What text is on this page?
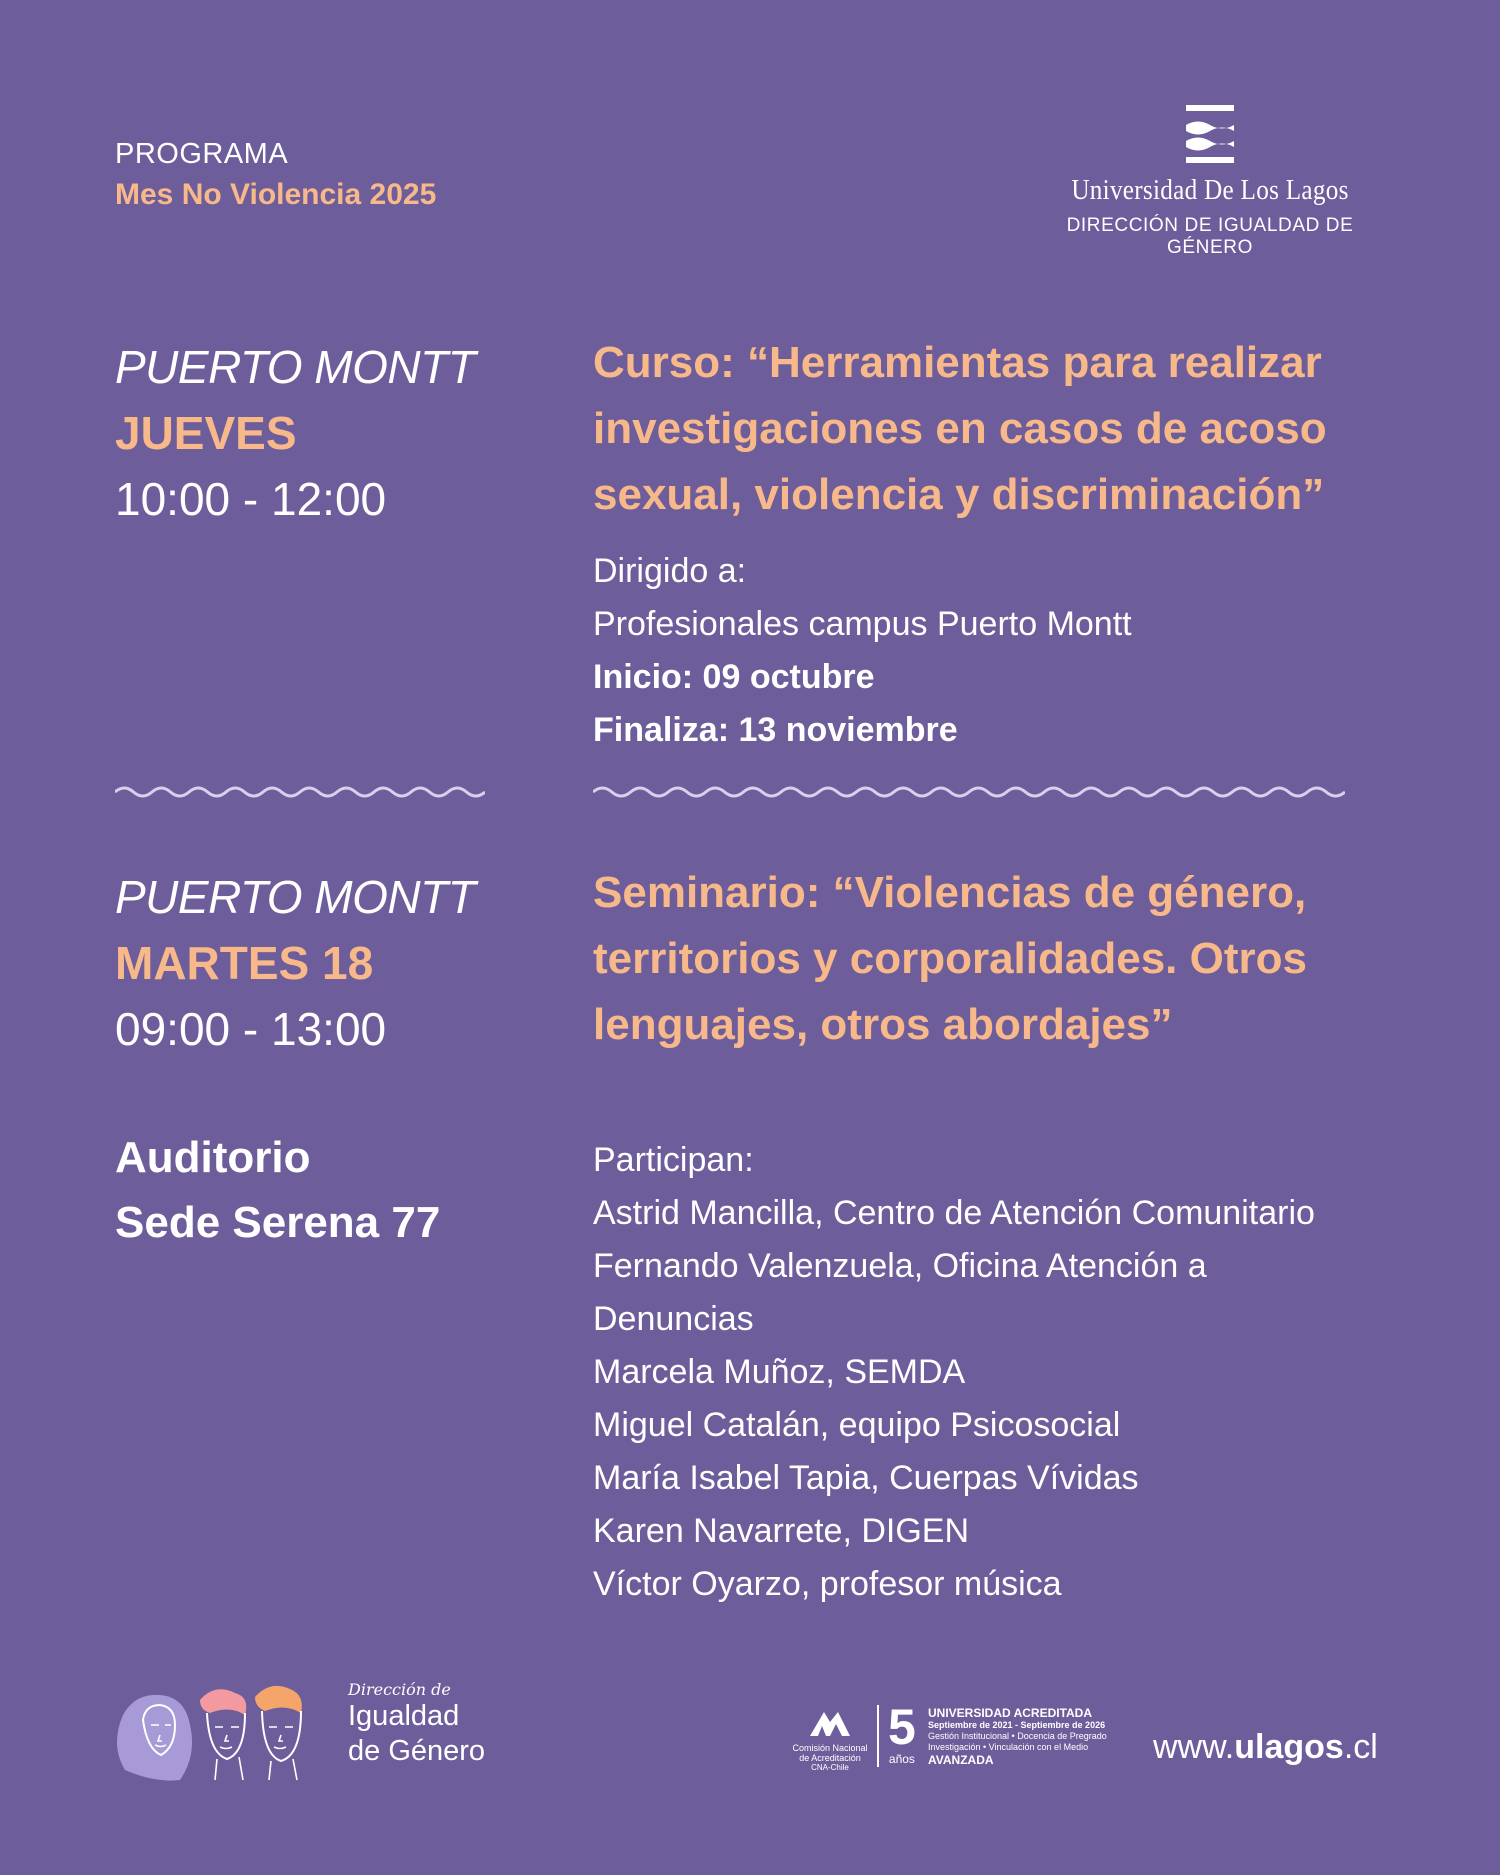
PROGRAMA
Mes No Violencia 2025	Universidad De Los Lagos
DIRECCIÓN DE IGUALDAD DE GÉNERO
PUERTO MONTT
JUEVES
10:00 - 12:00
Curso: “Herramientas para realizar investigaciones en casos de acoso sexual, violencia y discriminación”
Dirigido a:
Profesionales campus Puerto Montt
Inicio: 09 octubre
Finaliza: 13 noviembre
PUERTO MONTT
MARTES 18
09:00 - 13:00
Auditorio
Sede Serena 77
Seminario: “Violencias de género, territorios y corporalidades. Otros lenguajes, otros abordajes”
Participan:
Astrid Mancilla, Centro de Atención Comunitario
Fernando Valenzuela, Oficina Atención a Denuncias
Marcela Muñoz, SEMDA
Miguel Catalán, equipo Psicosocial
María Isabel Tapia, Cuerpas Vívidas
Karen Navarrete, DIGEN
Víctor Oyarzo, profesor música
Dirección de
Igualdad
de Género	Comisión Nacional
de Acreditación
CNA-Chile
5
años
UNIVERSIDAD ACREDITADA
Septiembre de 2021 - Septiembre de 2026
Gestión Institucional • Docencia de Pregrado
Investigación • Vinculación con el Medio
AVANZADA	www.ulagos.cl
